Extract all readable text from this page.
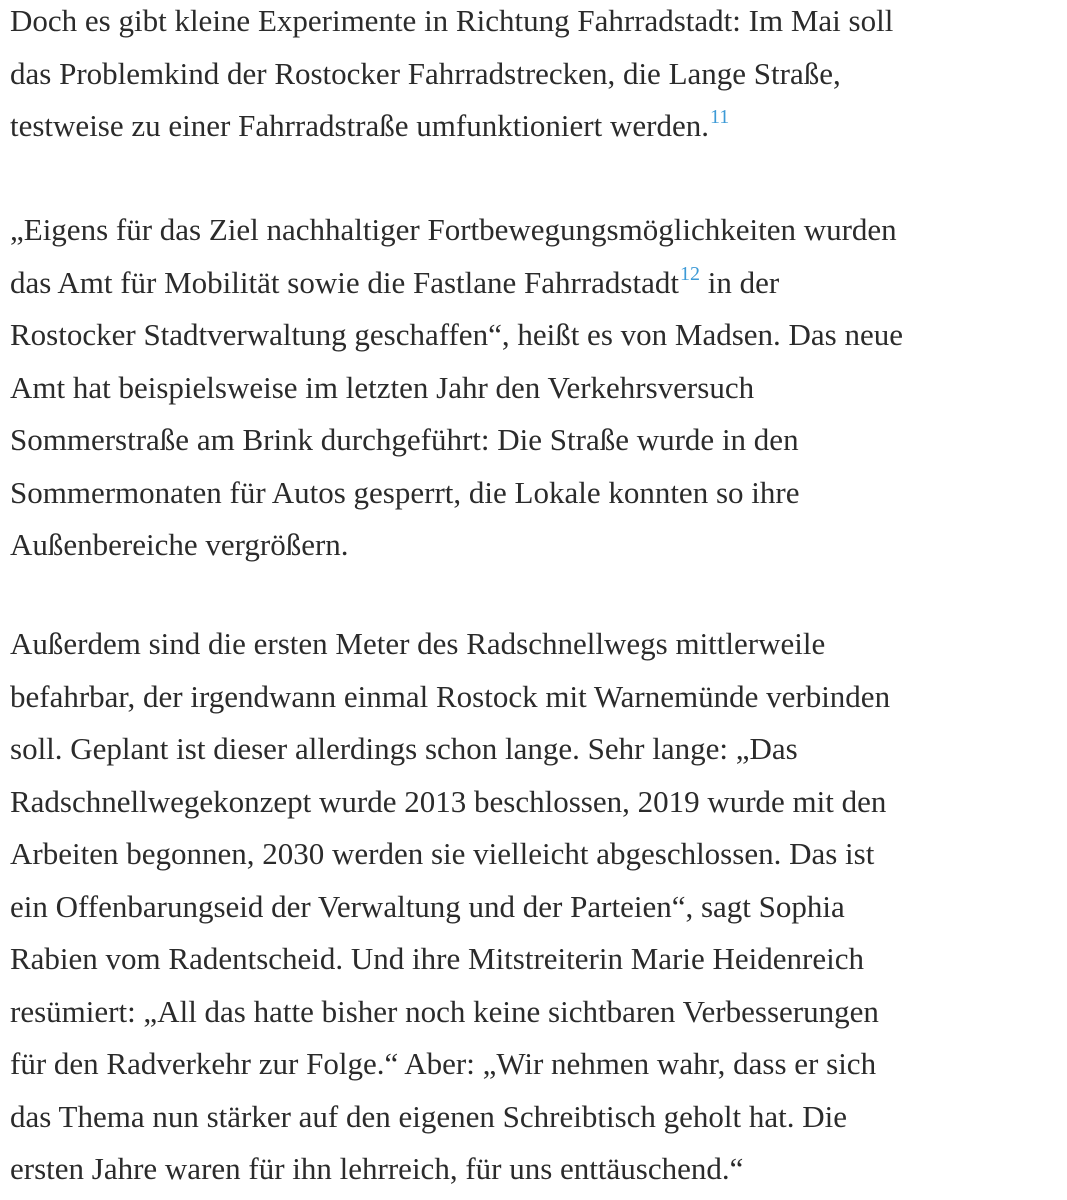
Doch es gibt kleine Experimente in Richtung Fahrradstadt: Im Mai soll
das Problemkind der Rostocker Fahrradstrecken, die Lange Straße,
testweise zu einer Fahrradstraße umfunktioniert werden.$^{11}$

„Eigens für das Ziel nachhaltiger Fortbewegungsmöglichkeiten wurden
das Amt für Mobilität sowie die Fastlane Fahrradstadt$^{12}$ in der
Rostocker Stadtverwaltung geschaffen“, heißt es von Madsen. Das neue
Amt hat beispielsweise im letzten Jahr den Verkehrsversuch
Sommerstraße am Brink durchgeführt: Die Straße wurde in den
Sommermonaten für Autos gesperrt, die Lokale konnten so ihre
Außenbereiche vergrößern.

Außerdem sind die ersten Meter des Radschnellwegs mittlerweile
befahrbar, der irgendwann einmal Rostock mit Warnemünde verbinden
soll. Geplant ist dieser allerdings schon lange. Sehr lange: „Das
Radschnellwegekonzept wurde 2013 beschlossen, 2019 wurde mit den
Arbeiten begonnen, 2030 werden sie vielleicht abgeschlossen. Das ist
ein Offenbarungseid der Verwaltung und der Parteien“, sagt Sophia
Rabien vom Radentscheid. Und ihre Mitstreiterin Marie Heidenreich
resümiert: „All das hatte bisher noch keine sichtbaren Verbesserungen
für den Radverkehr zur Folge.“ Aber: „Wir nehmen wahr, dass er sich
das Thema nun stärker auf den eigenen Schreibtisch geholt hat. Die
ersten Jahre waren für ihn lehrreich, für uns enttäuschend.“
